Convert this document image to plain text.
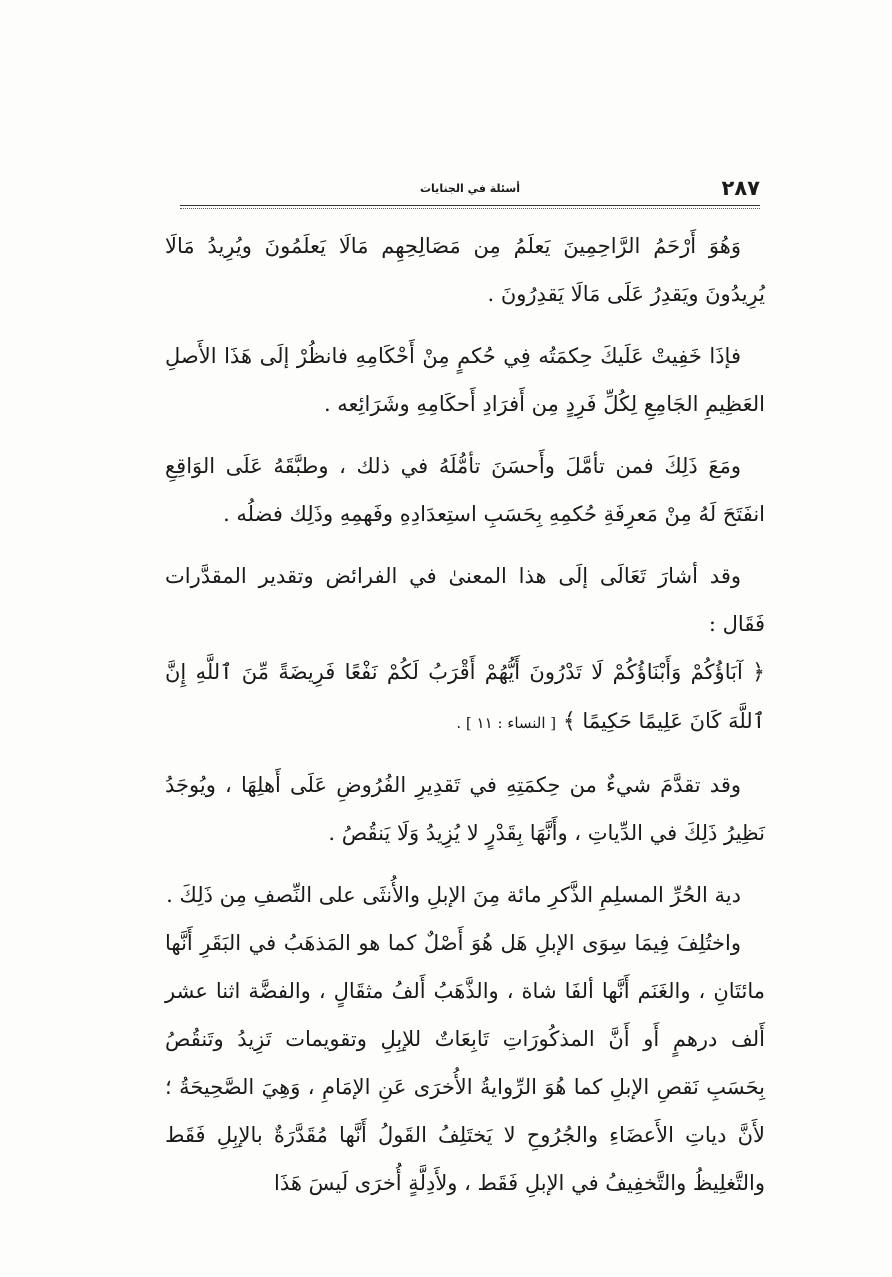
٢٨٧
أسئلة في الجنايات

وَهُوَ أَرْحَمُ الرَّاحِمِينَ يَعلَمُ مِن مَصَالِحِهِم مَالَا يَعلَمُونَ ويُرِيدُ مَالَا يُرِيدُونَ ويَقدِرُ عَلَى مَالَا يَقدِرُونَ .

فإذَا خَفِيتْ عَلَيكَ حِكمَتُه فِي حُكمٍ مِنْ أَحْكَامِهِ فانظُرْ إلَى هَذَا الأَصلِ العَظِيمِ الجَامِعِ لِكُلِّ فَرِدٍ مِن أَفرَادِ أَحكَامِهِ وشَرَائِعه .

ومَعَ ذَلِكَ فمن تأمَّلَ وأَحسَنَ تأمُّلَهُ في ذلك ، وطبَّقَهُ عَلَى الوَاقِعِ انفَتَحَ لَهُ مِنْ مَعرِفَةِ حُكمِهِ بِحَسَبِ استِعدَادِهِ وفَهمِهِ وذَلِك فضلُه .

وقد أشارَ تَعَالَى إلَى هذا المعنىٰ في الفرائض وتقدير المقدَّرات فَقَال :

﴿ آبَاؤُكُمْ وَأَبْنَاؤُكُمْ لَا تَدْرُونَ أَيُّهُمْ أَقْرَبُ لَكُمْ نَفْعًا فَرِيضَةً مِّنَ ٱللَّهِ إِنَّ ٱللَّهَ كَانَ عَلِيمًا حَكِيمًا ﴾ [ النساء : ١١ ] .

وقد تقدَّمَ شيءٌ من حِكمَتِهِ في تَقدِيرِ الفُرُوضِ عَلَى أَهلِهَا ، ويُوجَدُ نَظِيرُ ذَلِكَ في الدِّياتِ ، وأَنَّهَا بِقَدْرٍ لا يُزِيدُ وَلَا يَنقُصُ .

دية الحُرِّ المسلِمِ الذَّكرِ مائة مِنَ الإبلِ والأُنثَى على النِّصفِ مِن ذَلِكَ .

واختُلِفَ فِيمَا سِوَى الإبلِ هَل هُوَ أَصْلٌ كما هو المَذهَبُ في البَقَرِ أَنَّها مائتَانِ ، والغَنَم أَنَّها ألفَا شاة ، والذَّهَبُ أَلفُ مثقَالٍ ، والفضَّة اثنا عشر أَلف درهمٍ أَو أَنَّ المذكُورَاتِ تَابِعَاتٌ للإبِلِ وتقويمات تَزِيدُ وتَنقُصُ بِحَسَبِ نَقصِ الإبلِ كما هُوَ الرِّوايةُ الأُخرَى عَنِ الإمَامِ ، وَهِيَ الصَّحِيحَةُ ؛ لأَنَّ دياتِ الأَعضَاءِ والجُرُوحِ لا يَختَلِفُ القَولُ أَنَّها مُقَدَّرَةٌ بالإبِلِ فَقَط والتَّغلِيظُ والتَّخفِيفُ في الإبلِ فَقَط ، ولأَدِلَّةٍ أُخرَى لَيسَ هَذَا
